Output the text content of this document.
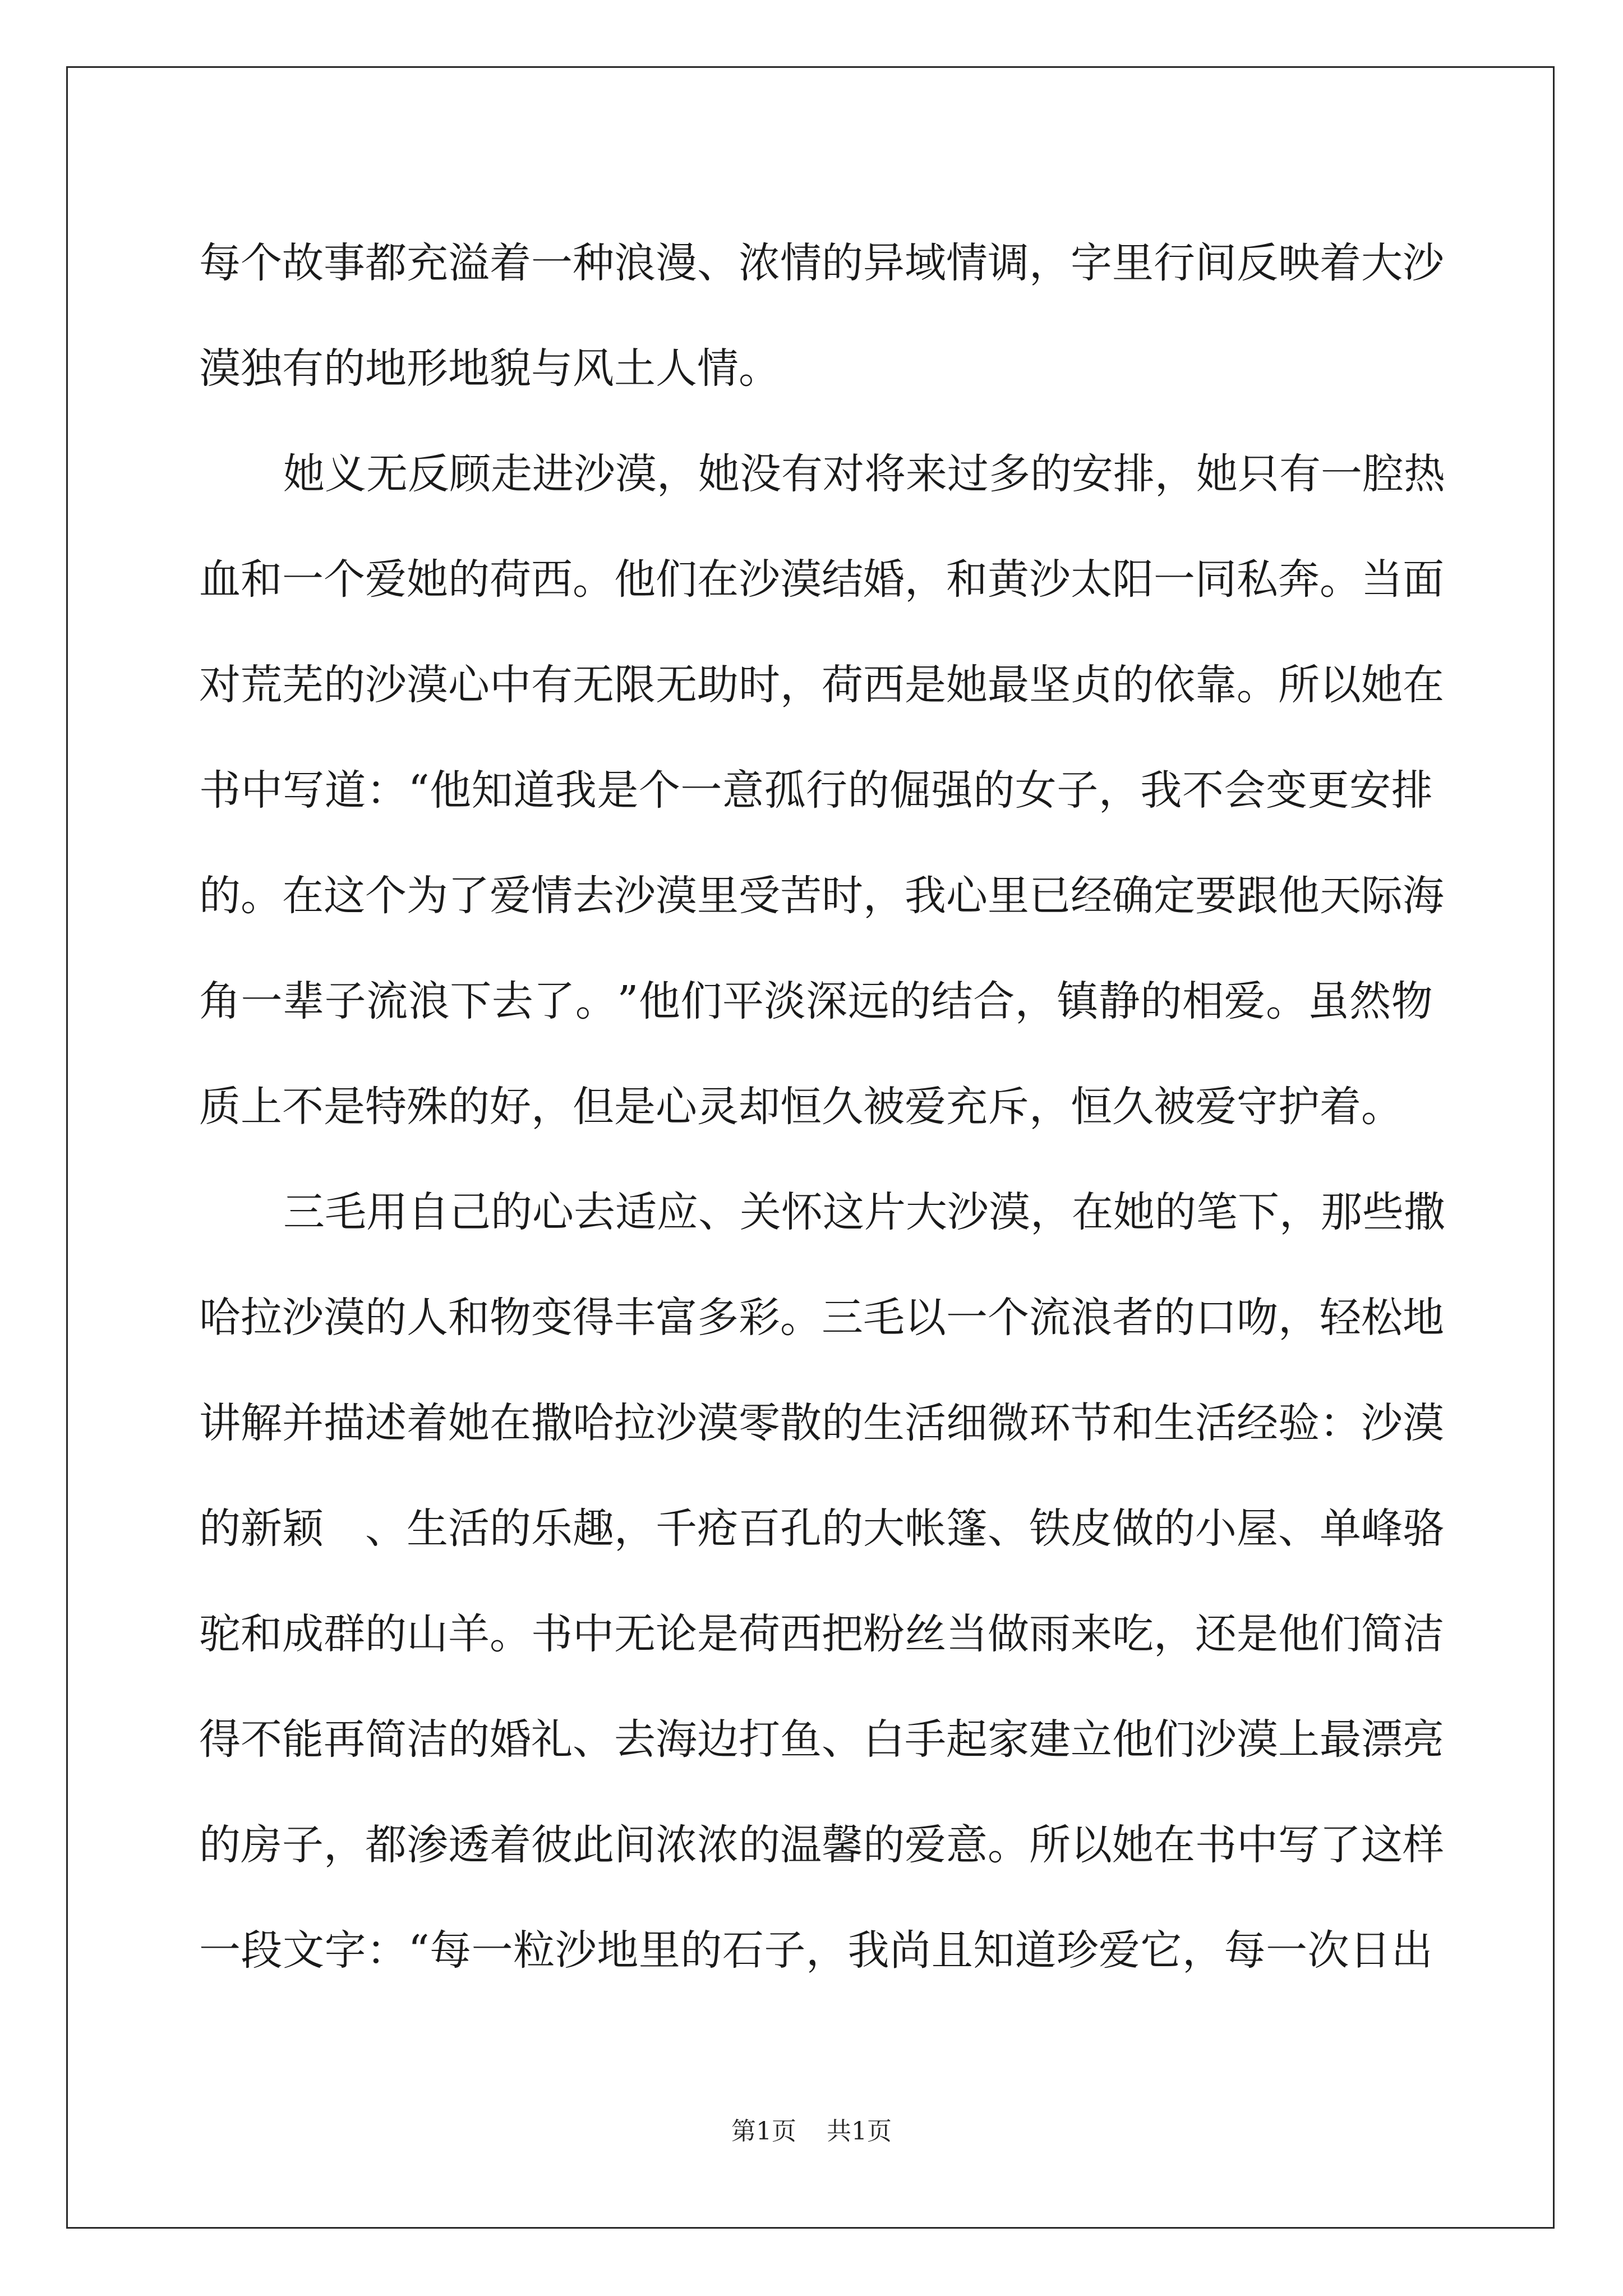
每 个 故 事 都 充 溢 着 一 种 浪 漫 、 浓 情 的 异 域 情 调 ， 字 里 行 间 反 映 着 大 沙
漠独有的地形地貌与风土人情。
她 义 无 反 顾 走 进 沙 漠 ， 她 没 有 对 将 来 过 多 的 安 排 ， 她 只 有 一 腔 热
血 和 一 个 爱 她 的 荷 西 。 他 们 在 沙 漠 结 婚 ， 和 黄 沙 太 阳 一 同 私 奔 。 当 面
对 荒 芜 的 沙 漠 心 中 有 无 限 无 助 时 ， 荷 西 是 她 最 坚 贞 的 依 靠 。 所 以 她 在
书 中 写 道 ： “ 他 知 道 我 是 个 一 意 孤 行 的 倔 强 的 女 子 ， 我 不 会 变 更 安 排
的 。 在 这 个 为 了 爱 情 去 沙 漠 里 受 苦 时 ， 我 心 里 已 经 确 定 要 跟 他 天 际 海
角 一 辈 子 流 浪 下 去 了 。 ” 他 们 平 淡 深 远 的 结 合 ， 镇 静 的 相 爱 。 虽 然 物
质上不是特殊的好，但是心灵却恒久被爱充斥，恒久被爱守护着。
三 毛 用 自 己 的 心 去 适 应 、 关 怀 这 片 大 沙 漠 ， 在 她 的 笔 下 ， 那 些 撒
哈 拉 沙 漠 的 人 和 物 变 得 丰 富 多 彩 。 三 毛 以 一 个 流 浪 者 的 口 吻 ， 轻 松 地
讲 解 并 描 述 着 她 在 撒 哈 拉 沙 漠 零 散 的 生 活 细 微 环 节 和 生 活 经 验 ： 沙 漠
的 新 颖
　 、 生 活 的 乐 趣 ， 千 疮 百 孔 的 大 帐 篷 、 铁 皮 做 的 小 屋 、 单 峰 骆
驼 和 成 群 的 山 羊 。 书 中 无 论 是 荷 西 把 粉 丝 当 做 雨 来 吃 ， 还 是 他 们 简 洁
得 不 能 再 简 洁 的 婚 礼 、 去 海 边 打 鱼 、 白 手 起 家 建 立 他 们 沙 漠 上 最 漂 亮
的 房 子 ， 都 渗 透 着 彼 此 间 浓 浓 的 温 馨 的 爱 意 。 所 以 她 在 书 中 写 了 这 样
一 段 文 字 ： “ 每 一 粒 沙 地 里 的 石 子 ， 我 尚 且 知 道 珍 爱 它 ， 每 一 次 日 出
第1页 共1页
